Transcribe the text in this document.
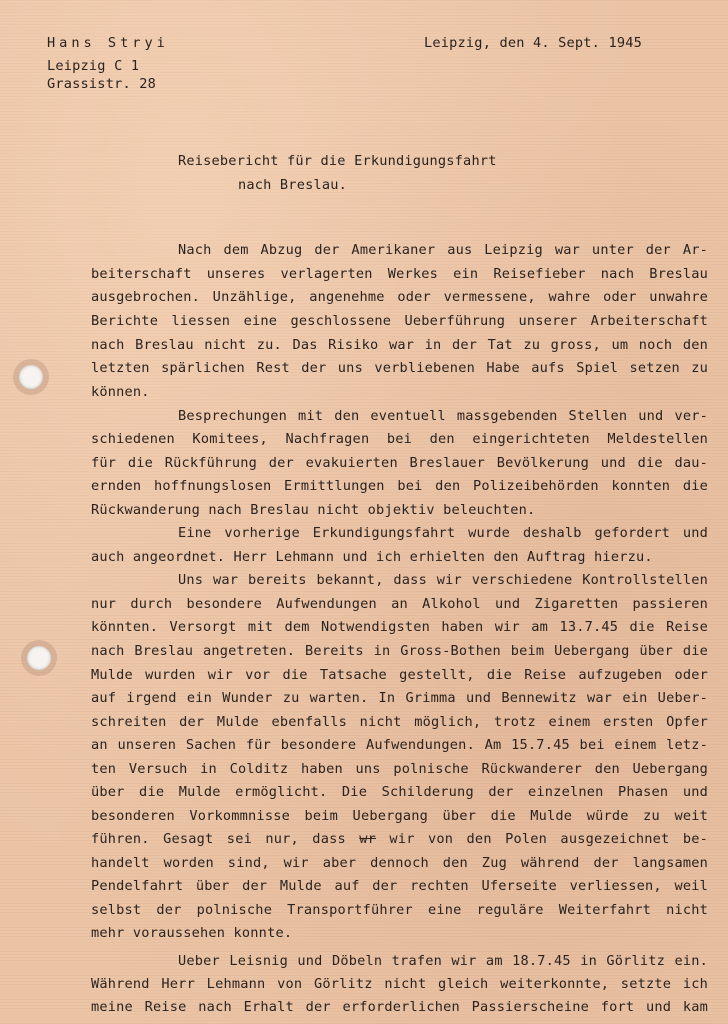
Hans Stryi
Leipzig C 1
Grassistr. 28
Leipzig, den 4. Sept. 1945
Reisebericht für die Erkundigungsfahrt
nach Breslau.
Nach dem Abzug der Amerikaner aus Leipzig war unter der Ar-
beiterschaft unseres verlagerten Werkes ein Reisefieber nach Breslau
ausgebrochen. Unzählige, angenehme oder vermessene, wahre oder unwahre
Berichte liessen eine geschlossene Ueberführung unserer Arbeiterschaft
nach Breslau nicht zu. Das Risiko war in der Tat zu gross, um noch den
letzten spärlichen Rest der uns verbliebenen Habe aufs Spiel setzen zu
können.
Besprechungen mit den eventuell massgebenden Stellen und ver-
schiedenen Komitees, Nachfragen bei den eingerichteten Meldestellen
für die Rückführung der evakuierten Breslauer Bevölkerung und die dau-
ernden hoffnungslosen Ermittlungen bei den Polizeibehörden konnten die
Rückwanderung nach Breslau nicht objektiv beleuchten.
Eine vorherige Erkundigungsfahrt wurde deshalb gefordert und
auch angeordnet. Herr Lehmann und ich erhielten den Auftrag hierzu.
Uns war bereits bekannt, dass wir verschiedene Kontrollstellen
nur durch besondere Aufwendungen an Alkohol und Zigaretten passieren
könnten. Versorgt mit dem Notwendigsten haben wir am 13.7.45 die Reise
nach Breslau angetreten. Bereits in Gross-Bothen beim Uebergang über die
Mulde wurden wir vor die Tatsache gestellt, die Reise aufzugeben oder
auf irgend ein Wunder zu warten. In Grimma und Bennewitz war ein Ueber-
schreiten der Mulde ebenfalls nicht möglich, trotz einem ersten Opfer
an unseren Sachen für besondere Aufwendungen. Am 15.7.45 bei einem letz-
ten Versuch in Colditz haben uns polnische Rückwanderer den Uebergang
über die Mulde ermöglicht. Die Schilderung der einzelnen Phasen und
besonderen Vorkommnisse beim Uebergang über die Mulde würde zu weit
führen. Gesagt sei nur, dass wr wir von den Polen ausgezeichnet be-
handelt worden sind, wir aber dennoch den Zug während der langsamen
Pendelfahrt über der Mulde auf der rechten Uferseite verliessen, weil
selbst der polnische Transportführer eine reguläre Weiterfahrt nicht
mehr voraussehen konnte.
Ueber Leisnig und Döbeln trafen wir am 18.7.45 in Görlitz ein.
Während Herr Lehmann von Görlitz nicht gleich weiterkonnte, setzte ich
meine Reise nach Erhalt der erforderlichen Passierscheine fort und kam
